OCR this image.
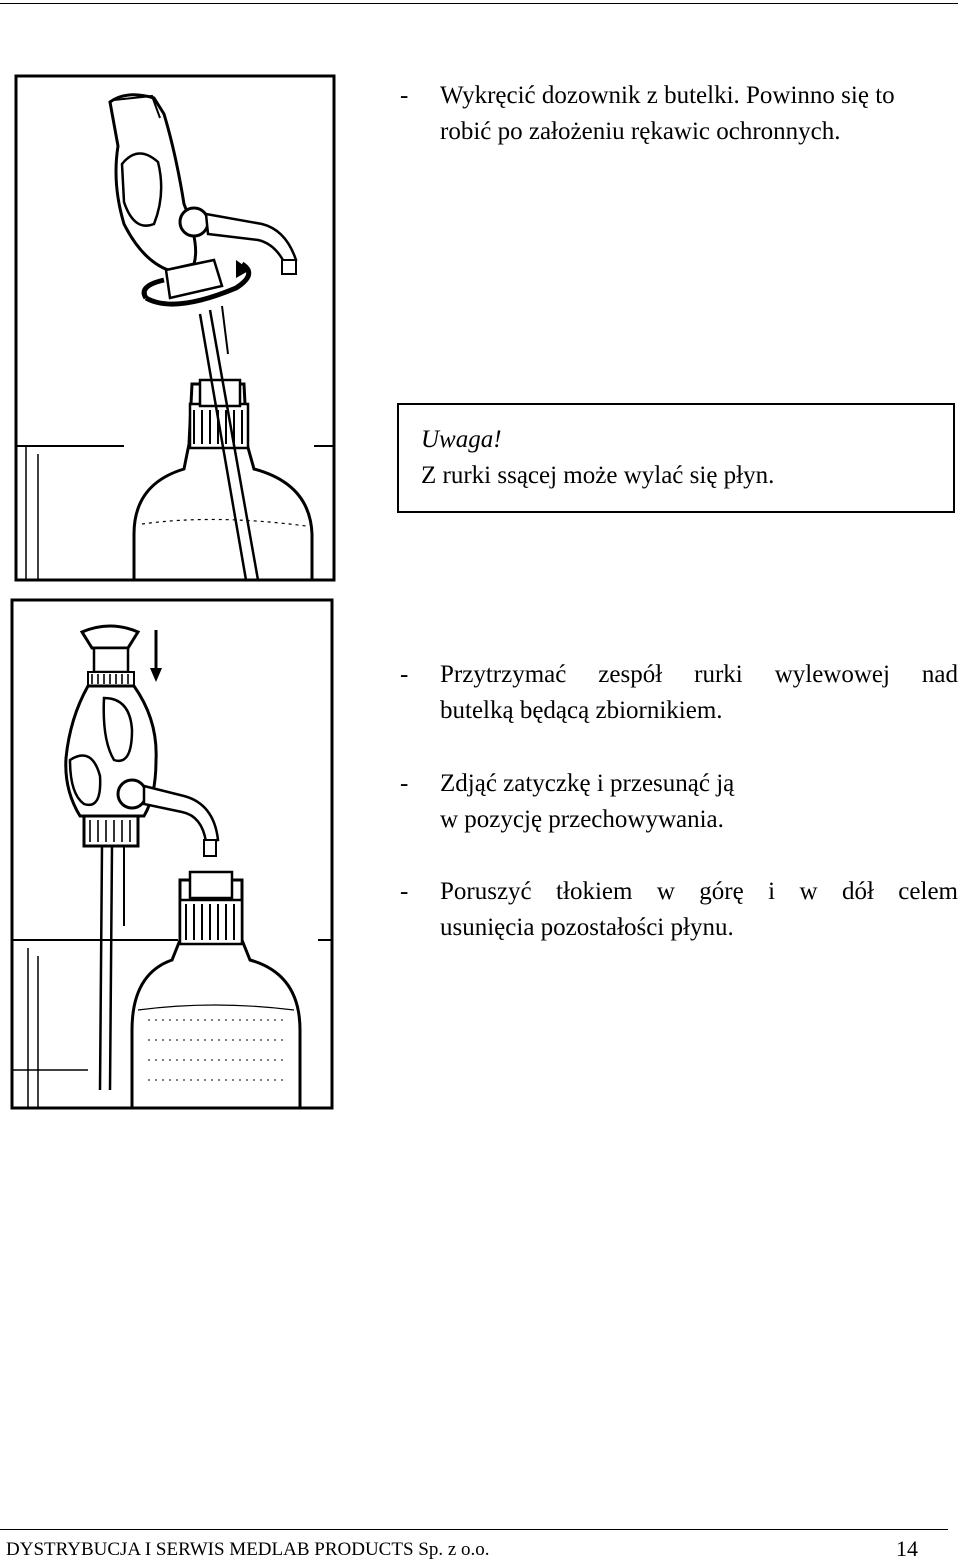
- Wykręcić dozownik z butelki. Powinno się to
robić po założeniu rękawic ochronnych.
Uwaga!
Z rurki ssącej może wylać się płyn.
- Przytrzymać zespół rurki wylewowej nad
butelką będącą zbiornikiem.
- Zdjąć zatyczkę i przesunąć ją
w pozycję przechowywania.
- Poruszyć tłokiem w górę i w dół celem
usunięcia pozostałości płynu.
DYSTRYBUCJA I SERWIS MEDLAB PRODUCTS Sp. z o.o.	14
